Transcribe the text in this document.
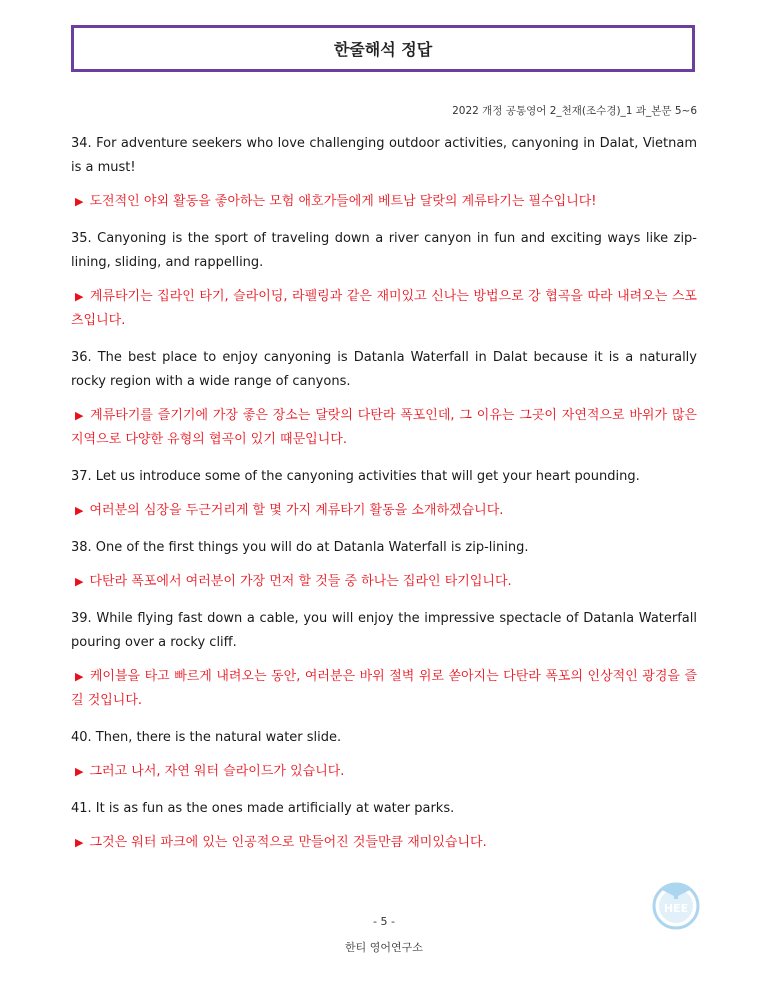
한줄해석 정답
2022 개정 공통영어 2_천재(조수경)_1 과_본문 5~6

34. For adventure seekers who love challenging outdoor activities, canyoning in Dalat, Vietnam is a must!

▶ 도전적인 야외 활동을 좋아하는 모험 애호가들에게 베트남 달랏의 계류타기는 필수입니다!

35. Canyoning is the sport of traveling down a river canyon in fun and exciting ways like zip-lining, sliding, and rappelling.

▶ 계류타기는 집라인 타기, 슬라이딩, 라펠링과 같은 재미있고 신나는 방법으로 강 협곡을 따라 내려오는 스포츠입니다.

36. The best place to enjoy canyoning is Datanla Waterfall in Dalat because it is a naturally rocky region with a wide range of canyons.

▶ 계류타기를 즐기기에 가장 좋은 장소는 달랏의 다탄라 폭포인데, 그 이유는 그곳이 자연적으로 바위가 많은 지역으로 다양한 유형의 협곡이 있기 때문입니다.

37. Let us introduce some of the canyoning activities that will get your heart pounding.

▶ 여러분의 심장을 두근거리게 할 몇 가지 계류타기 활동을 소개하겠습니다.

38. One of the first things you will do at Datanla Waterfall is zip-lining.

▶ 다탄라 폭포에서 여러분이 가장 먼저 할 것들 중 하나는 집라인 타기입니다.

39. While flying fast down a cable, you will enjoy the impressive spectacle of Datanla Waterfall pouring over a rocky cliff.

▶ 케이블을 타고 빠르게 내려오는 동안, 여러분은 바위 절벽 위로 쏟아지는 다탄라 폭포의 인상적인 광경을 즐길 것입니다.

40. Then, there is the natural water slide.

▶ 그러고 나서, 자연 워터 슬라이드가 있습니다.

41. It is as fun as the ones made artificially at water parks.

▶ 그것은 워터 파크에 있는 인공적으로 만들어진 것들만큼 재미있습니다.

HEE
- 5 -
한티 영어연구소
